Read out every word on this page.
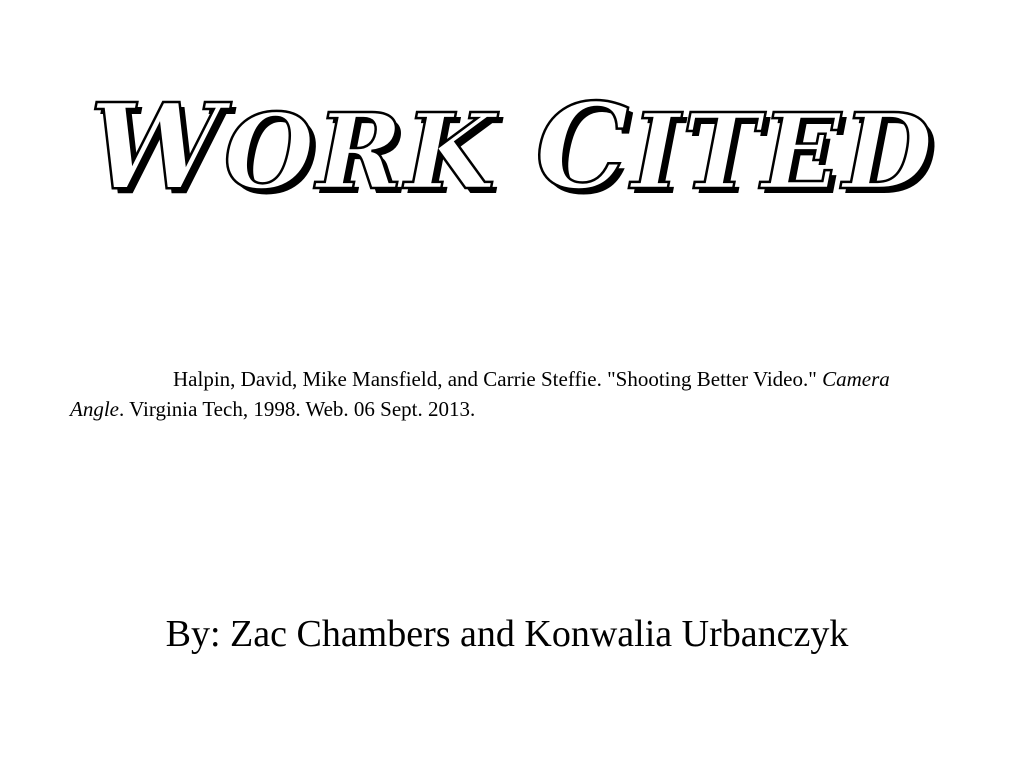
WORK CITED

Halpin, David, Mike Mansfield, and Carrie Steffie. "Shooting Better Video." Camera Angle. Virginia Tech, 1998. Web. 06 Sept. 2013.

By: Zac Chambers and Konwalia Urbanczyk
